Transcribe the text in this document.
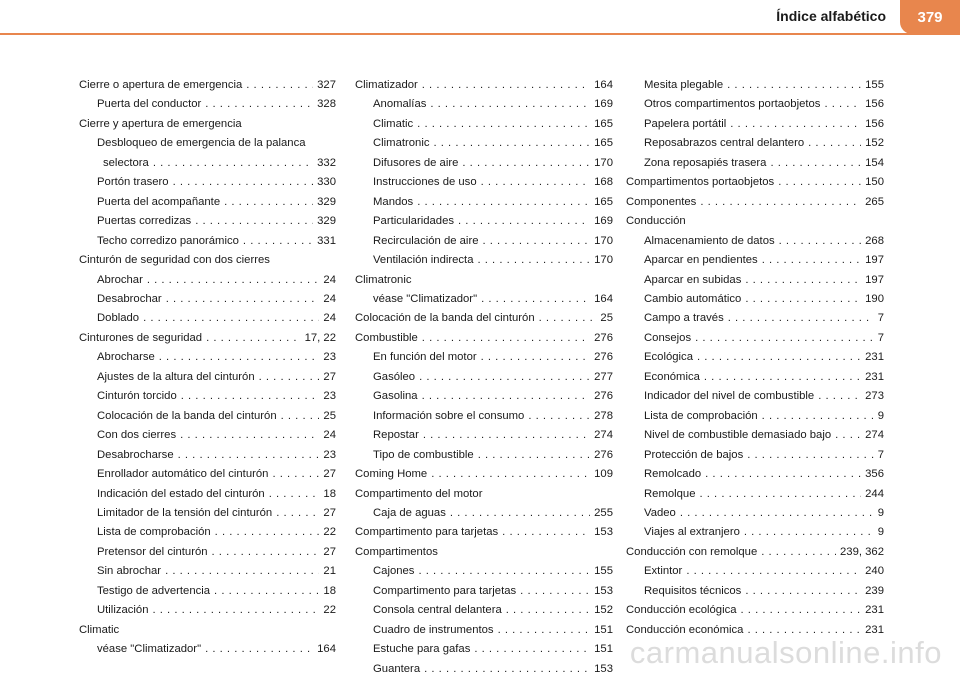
Índice alfabético 379
Cierre o apertura de emergencia . . .	327
Puerta del conductor . . .	328
Cierre y apertura de emergencia
Desbloqueo de emergencia de la palanca
selectora . . .	332
Portón trasero . . .	330
Puerta del acompañante . . .	329
Puertas corredizas . . .	329
Techo corredizo panorámico . . .	331
Cinturón de seguridad con dos cierres
Abrochar . . .	24
Desabrochar . . .	24
Doblado . . .	24
Cinturones de seguridad . . .	17, 22
Abrocharse . . .	23
Ajustes de la altura del cinturón . . .	27
Cinturón torcido . . .	23
Colocación de la banda del cinturón . . .	25
Con dos cierres . . .	24
Desabrocharse . . .	23
Enrollador automático del cinturón . . .	27
Indicación del estado del cinturón . . .	18
Limitador de la tensión del cinturón . . .	27
Lista de comprobación . . .	22
Pretensor del cinturón . . .	27
Sin abrochar . . .	21
Testigo de advertencia . . .	18
Utilización . . .	22
Climatic
véase "Climatizador" . . .	164
Climatizador . . .	164
Anomalías . . .	169
Climatic . . .	165
Climatronic . . .	165
Difusores de aire . . .	170
Instrucciones de uso . . .	168
Mandos . . .	165
Particularidades . . .	169
Recirculación de aire . . .	170
Ventilación indirecta . . .	170
Climatronic
véase "Climatizador" . . .	164
Colocación de la banda del cinturón . . .	25
Combustible . . .	276
En función del motor . . .	276
Gasóleo . . .	277
Gasolina . . .	276
Información sobre el consumo . . .	278
Repostar . . .	274
Tipo de combustible . . .	276
Coming Home . . .	109
Compartimento del motor
Caja de aguas . . .	255
Compartimento para tarjetas . . .	153
Compartimentos
Cajones . . .	155
Compartimento para tarjetas . . .	153
Consola central delantera . . .	152
Cuadro de instrumentos . . .	151
Estuche para gafas . . .	151
Guantera . . .	153
Mesita plegable . . .	155
Otros compartimentos portaobjetos . . .	156
Papelera portátil . . .	156
Reposabrazos central delantero . . .	152
Zona reposapiés trasera . . .	154
Compartimentos portaobjetos . . .	150
Componentes . . .	265
Conducción
Almacenamiento de datos . . .	268
Aparcar en pendientes . . .	197
Aparcar en subidas . . .	197
Cambio automático . . .	190
Campo a través . . .	7
Consejos . . .	7
Ecológica . . .	231
Económica . . .	231
Indicador del nivel de combustible . . .	273
Lista de comprobación . . .	9
Nivel de combustible demasiado bajo . . .	274
Protección de bajos . . .	7
Remolcado . . .	356
Remolque . . .	244
Vadeo . . .	9
Viajes al extranjero . . .	9
Conducción con remolque . . .	239, 362
Extintor . . .	240
Requisitos técnicos . . .	239
Conducción ecológica . . .	231
Conducción económica . . .	231
carmanualsonline.info
